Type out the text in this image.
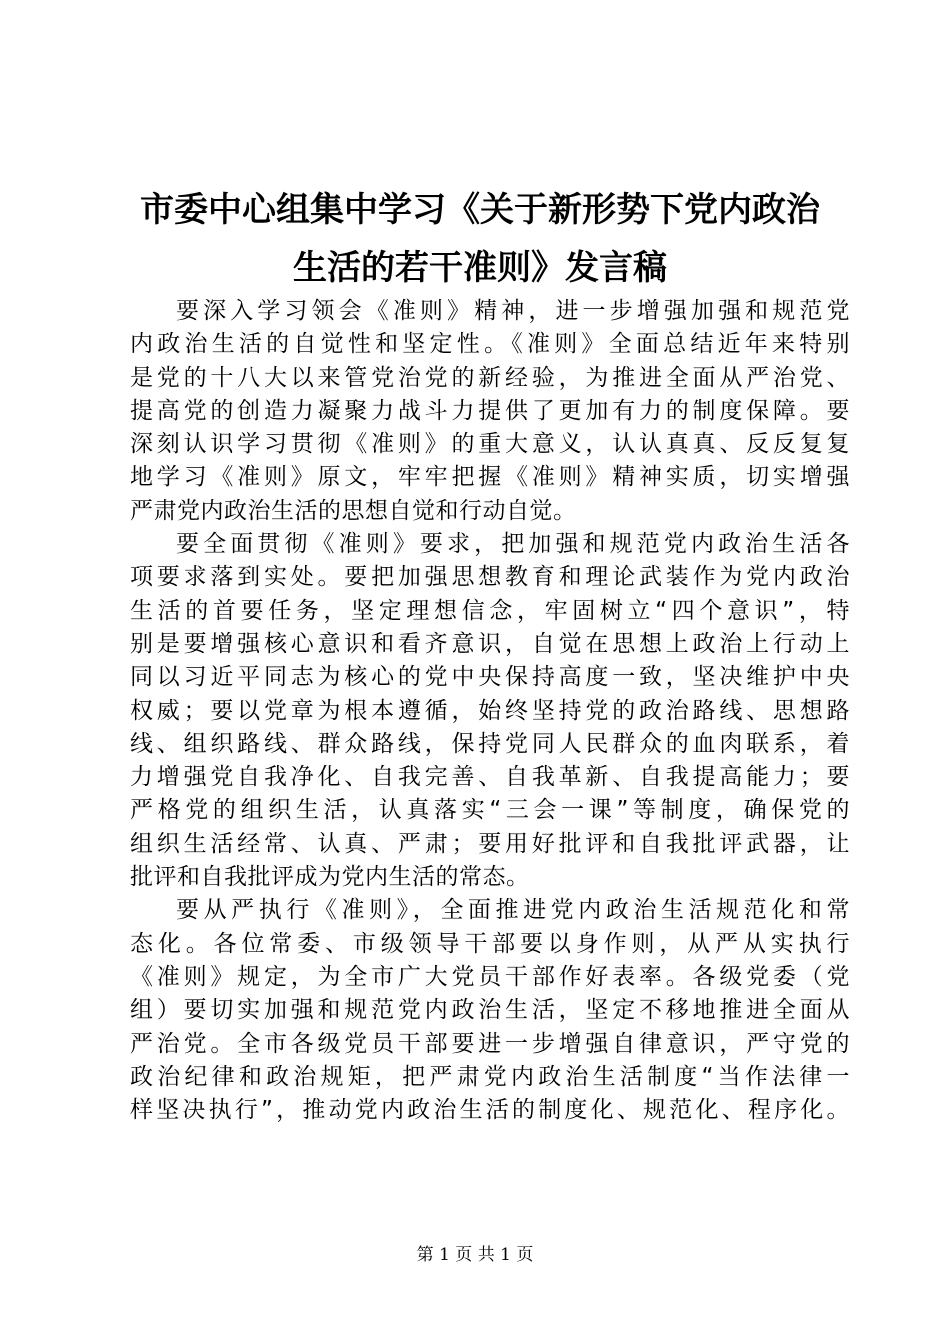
市委中心组集中学习《关于新形势下党内政治
生活的若干准则》发言稿
要深入学习领会《准则》精神，进一步增强加强和规范党
内政治生活的自觉性和坚定性。《准则》全面总结近年来特别
是党的十八大以来管党治党的新经验，为推进全面从严治党、
提高党的创造力凝聚力战斗力提供了更加有力的制度保障。要
深刻认识学习贯彻《准则》的重大意义，认认真真、反反复复
地学习《准则》原文，牢牢把握《准则》精神实质，切实增强
严肃党内政治生活的思想自觉和行动自觉。
要全面贯彻《准则》要求，把加强和规范党内政治生活各
项要求落到实处。要把加强思想教育和理论武装作为党内政治
生活的首要任务，坚定理想信念，牢固树立“四个意识”，特
别是要增强核心意识和看齐意识，自觉在思想上政治上行动上
同以习近平同志为核心的党中央保持高度一致，坚决维护中央
权威；要以党章为根本遵循，始终坚持党的政治路线、思想路
线、组织路线、群众路线，保持党同人民群众的血肉联系，着
力增强党自我净化、自我完善、自我革新、自我提高能力；要
严格党的组织生活，认真落实“三会一课”等制度，确保党的
组织生活经常、认真、严肃；要用好批评和自我批评武器，让
批评和自我批评成为党内生活的常态。
要从严执行《准则》，全面推进党内政治生活规范化和常
态化。各位常委、市级领导干部要以身作则，从严从实执行
《准则》规定，为全市广大党员干部作好表率。各级党委（党
组）要切实加强和规范党内政治生活，坚定不移地推进全面从
严治党。全市各级党员干部要进一步增强自律意识，严守党的
政治纪律和政治规矩，把严肃党内政治生活制度“当作法律一
样坚决执行”，推动党内政治生活的制度化、规范化、程序化。
第 1 页 共 1 页
